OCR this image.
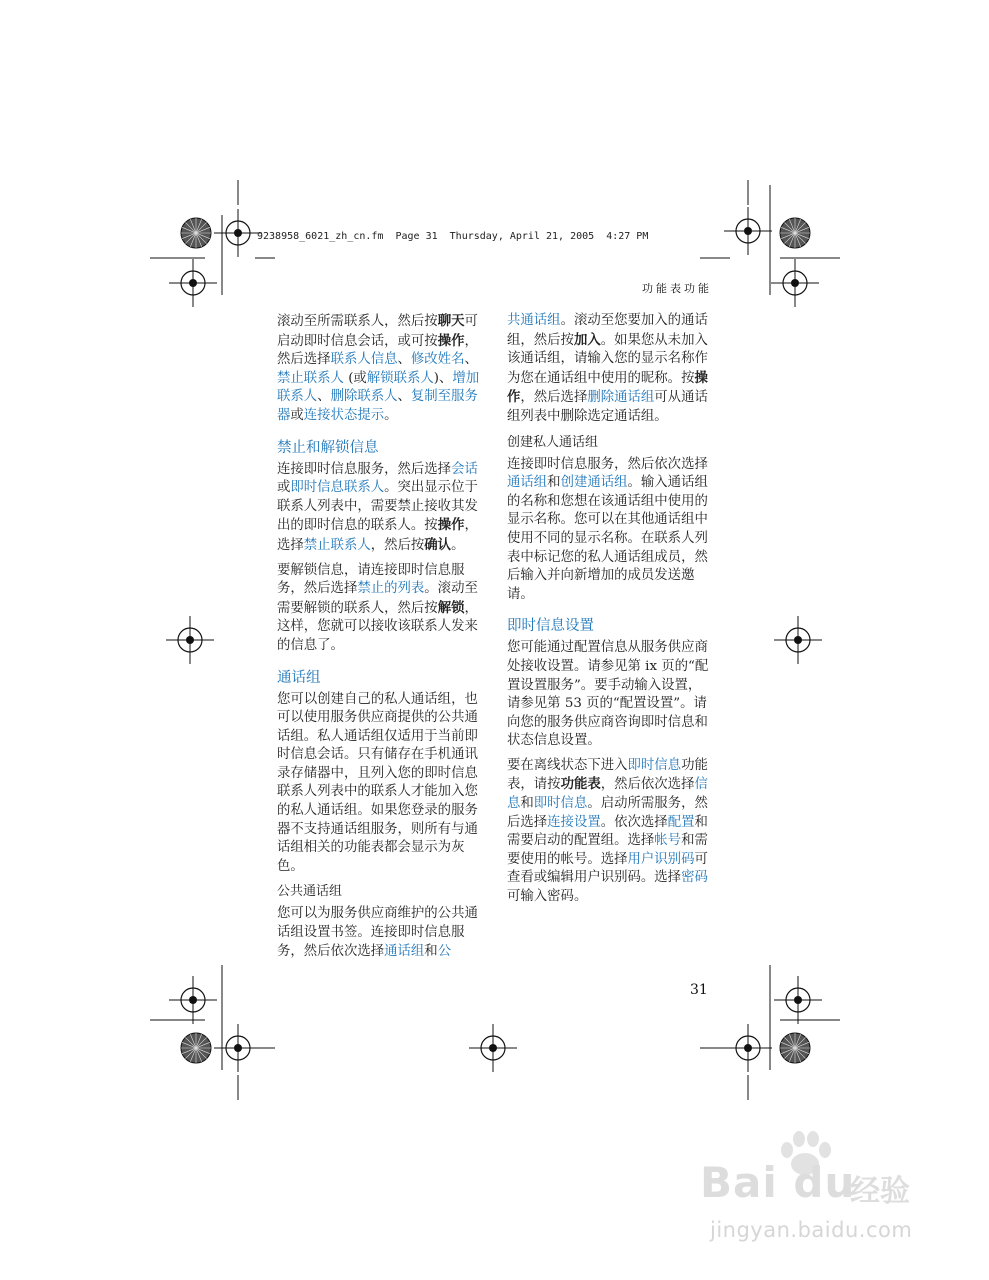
9238958_6021_zh_cn.fm  Page 31  Thursday, April 21, 2005  4:27 PM
功能表功能

滚动至所需联系人，然后按聊天可启动即时信息会话，或可按操作，然后选择联系人信息、修改姓名、禁止联系人 (或解锁联系人)、增加联系人、删除联系人、复制至服务器或连接状态提示。

禁止和解锁信息

连接即时信息服务，然后选择会话或即时信息联系人。突出显示位于联系人列表中，需要禁止接收其发出的即时信息的联系人。按操作，选择禁止联系人，然后按确认。

要解锁信息，请连接即时信息服务，然后选择禁止的列表。滚动至需要解锁的联系人，然后按解锁，这样，您就可以接收该联系人发来的信息了。

通话组

您可以创建自己的私人通话组，也可以使用服务供应商提供的公共通话组。私人通话组仅适用于当前即时信息会话。只有储存在手机通讯录存储器中，且列入您的即时信息联系人列表中的联系人才能加入您的私人通话组。如果您登录的服务器不支持通话组服务，则所有与通话组相关的功能表都会显示为灰色。

公共通话组

您可以为服务供应商维护的公共通话组设置书签。连接即时信息服务，然后依次选择通话组和公

共通话组。滚动至您要加入的通话组，然后按加入。如果您从未加入该通话组，请输入您的显示名称作为您在通话组中使用的昵称。按操作，然后选择删除通话组可从通话组列表中删除选定通话组。

创建私人通话组

连接即时信息服务，然后依次选择通话组和创建通话组。输入通话组的名称和您想在该通话组中使用的显示名称。您可以在其他通话组中使用不同的显示名称。在联系人列表中标记您的私人通话组成员，然后输入并向新增加的成员发送邀请。

即时信息设置

您可能通过配置信息从服务供应商处接收设置。请参见第 ix 页的“配置设置服务”。要手动输入设置，请参见第 53 页的“配置设置”。请向您的服务供应商咨询即时信息和状态信息设置。

要在离线状态下进入即时信息功能表，请按功能表，然后依次选择信息和即时信息。启动所需服务，然后选择连接设置。依次选择配置和需要启动的配置组。选择帐号和需要使用的帐号。选择用户识别码可查看或编辑用户识别码。选择密码可输入密码。

31
Bai du
经验
jingyan.baidu.com
